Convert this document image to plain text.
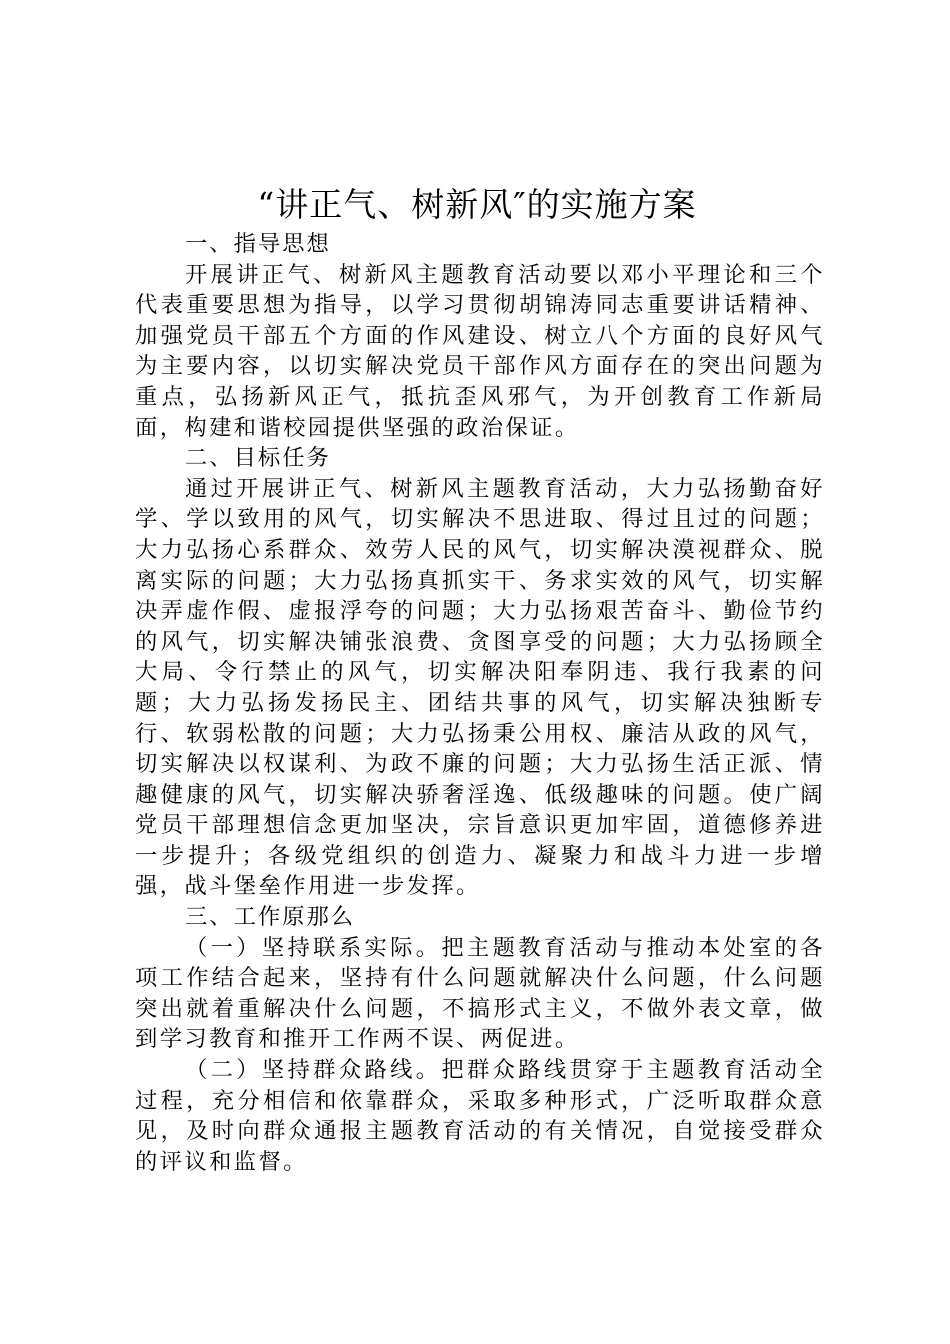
“讲正气、树新风″的实施方案

一、指导思想

开展讲正气、树新风主题教育活动要以邓小平理论和三个代表重要思想为指导，以学习贯彻胡锦涛同志重要讲话精神、加强党员干部五个方面的作风建设、树立八个方面的良好风气为主要内容，以切实解决党员干部作风方面存在的突出问题为重点，弘扬新风正气，抵抗歪风邪气，为开创教育工作新局面，构建和谐校园提供坚强的政治保证。

二、目标任务

通过开展讲正气、树新风主题教育活动，大力弘扬勤奋好学、学以致用的风气，切实解决不思进取、得过且过的问题；大力弘扬心系群众、效劳人民的风气，切实解决漠视群众、脱离实际的问题；大力弘扬真抓实干、务求实效的风气，切实解决弄虚作假、虚报浮夸的问题；大力弘扬艰苦奋斗、勤俭节约的风气，切实解决铺张浪费、贪图享受的问题；大力弘扬顾全大局、令行禁止的风气，切实解决阳奉阴违、我行我素的问题；大力弘扬发扬民主、团结共事的风气，切实解决独断专行、软弱松散的问题；大力弘扬秉公用权、廉洁从政的风气，切实解决以权谋利、为政不廉的问题；大力弘扬生活正派、情趣健康的风气，切实解决骄奢淫逸、低级趣味的问题。使广阔党员干部理想信念更加坚决，宗旨意识更加牢固，道德修养进一步提升；各级党组织的创造力、凝聚力和战斗力进一步增强，战斗堡垒作用进一步发挥。

三、工作原那么

（一）坚持联系实际。把主题教育活动与推动本处室的各项工作结合起来，坚持有什么问题就解决什么问题，什么问题突出就着重解决什么问题，不搞形式主义，不做外表文章，做到学习教育和推开工作两不误、两促进。

（二）坚持群众路线。把群众路线贯穿于主题教育活动全过程，充分相信和依靠群众，采取多种形式，广泛听取群众意见，及时向群众通报主题教育活动的有关情况，自觉接受群众的评议和监督。
